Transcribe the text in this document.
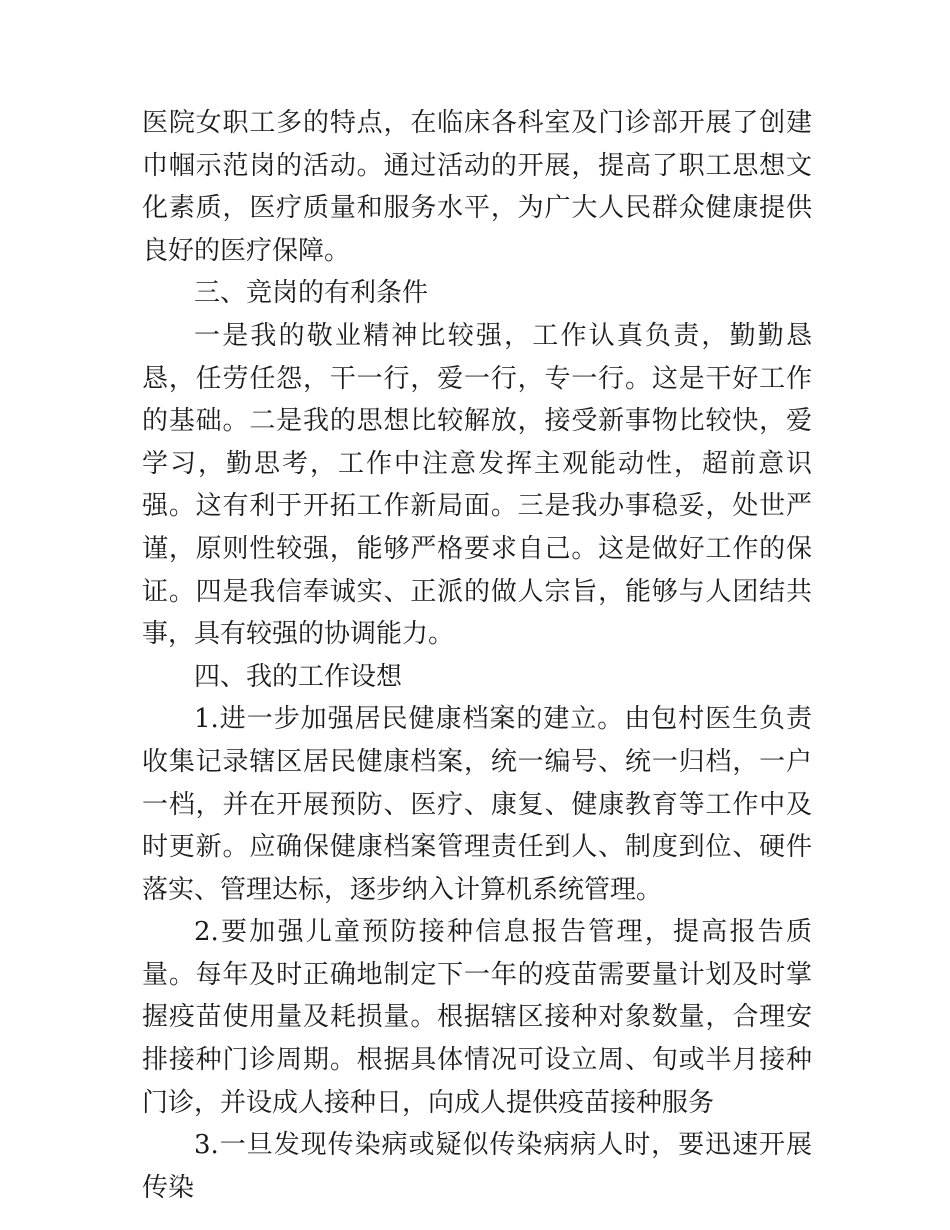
医院女职工多的特点，在临床各科室及门诊部开展了创建巾帼示范岗的活动。通过活动的开展，提高了职工思想文化素质，医疗质量和服务水平，为广大人民群众健康提供良好的医疗保障。

三、竞岗的有利条件

一是我的敬业精神比较强，工作认真负责，勤勤恳恳，任劳任怨，干一行，爱一行，专一行。这是干好工作的基础。二是我的思想比较解放，接受新事物比较快，爱学习，勤思考，工作中注意发挥主观能动性，超前意识强。这有利于开拓工作新局面。三是我办事稳妥，处世严谨，原则性较强，能够严格要求自己。这是做好工作的保证。四是我信奉诚实、正派的做人宗旨，能够与人团结共事，具有较强的协调能力。

四、我的工作设想

1.进一步加强居民健康档案的建立。由包村医生负责收集记录辖区居民健康档案，统一编号、统一归档，一户一档，并在开展预防、医疗、康复、健康教育等工作中及时更新。应确保健康档案管理责任到人、制度到位、硬件落实、管理达标，逐步纳入计算机系统管理。

2.要加强儿童预防接种信息报告管理，提高报告质量。每年及时正确地制定下一年的疫苗需要量计划及时掌握疫苗使用量及耗损量。根据辖区接种对象数量，合理安排接种门诊周期。根据具体情况可设立周、旬或半月接种门诊，并设成人接种日，向成人提供疫苗接种服务

3.一旦发现传染病或疑似传染病病人时，要迅速开展传染
